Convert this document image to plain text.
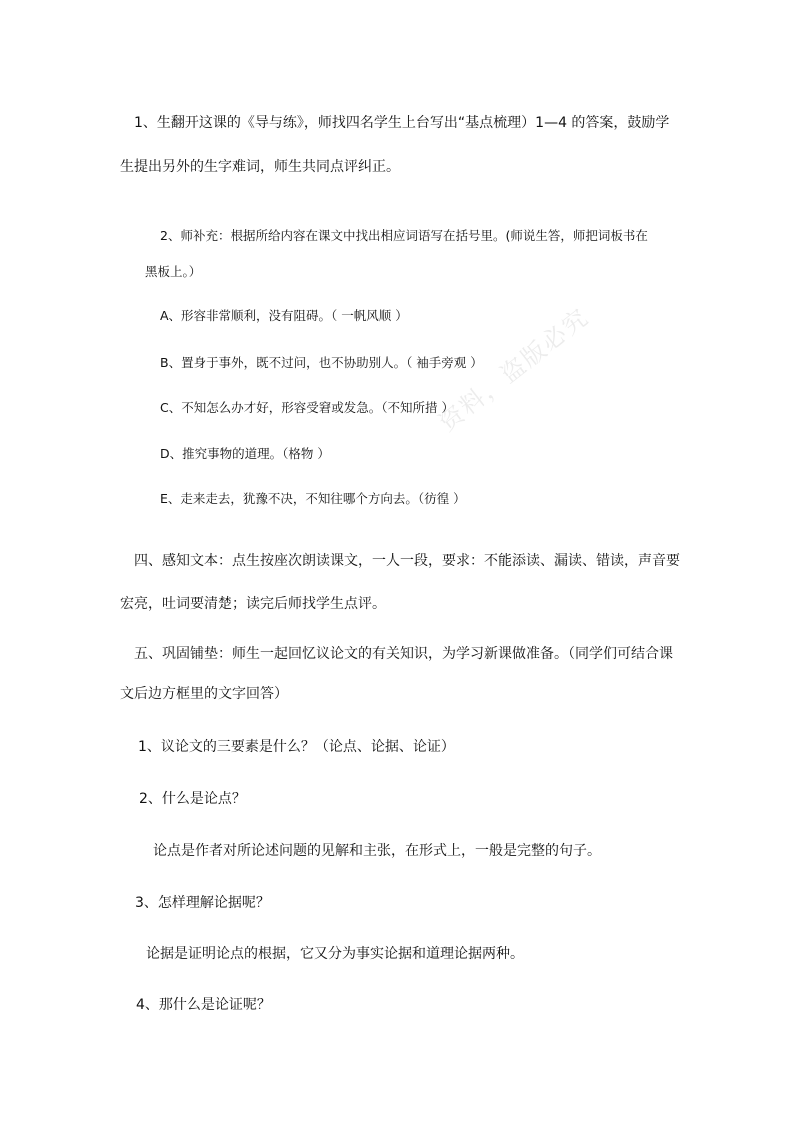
资料，盗版必究
1、生翻开这课的《导与练》，师找四名学生上台写出“基点梳理）1—4 的答案，鼓励学
生提出另外的生字难词，师生共同点评纠正。
2、师补充：根据所给内容在课文中找出相应词语写在括号里。(师说生答，师把词板书在
黑板上。）
A、形容非常顺利，没有阻碍。（ 一帆风顺 ）
B、置身于事外，既不过问，也不协助别人。（ 袖手旁观 ）
C、不知怎么办才好，形容受窘或发急。（不知所措 ）
D、推究事物的道理。（格物 ）
E、走来走去，犹豫不决，不知往哪个方向去。（彷徨 ）
四、感知文本：点生按座次朗读课文，一人一段，要求：不能添读、漏读、错读，声音要
宏亮，吐词要清楚；读完后师找学生点评。
五、巩固铺垫：师生一起回忆议论文的有关知识，为学习新课做准备。（同学们可结合课
文后边方框里的文字回答）
1、议论文的三要素是什么？（论点、论据、论证）
2、什么是论点？
论点是作者对所论述问题的见解和主张，在形式上，一般是完整的句子。
3、怎样理解论据呢？
论据是证明论点的根据，它又分为事实论据和道理论据两种。
4、那什么是论证呢？
